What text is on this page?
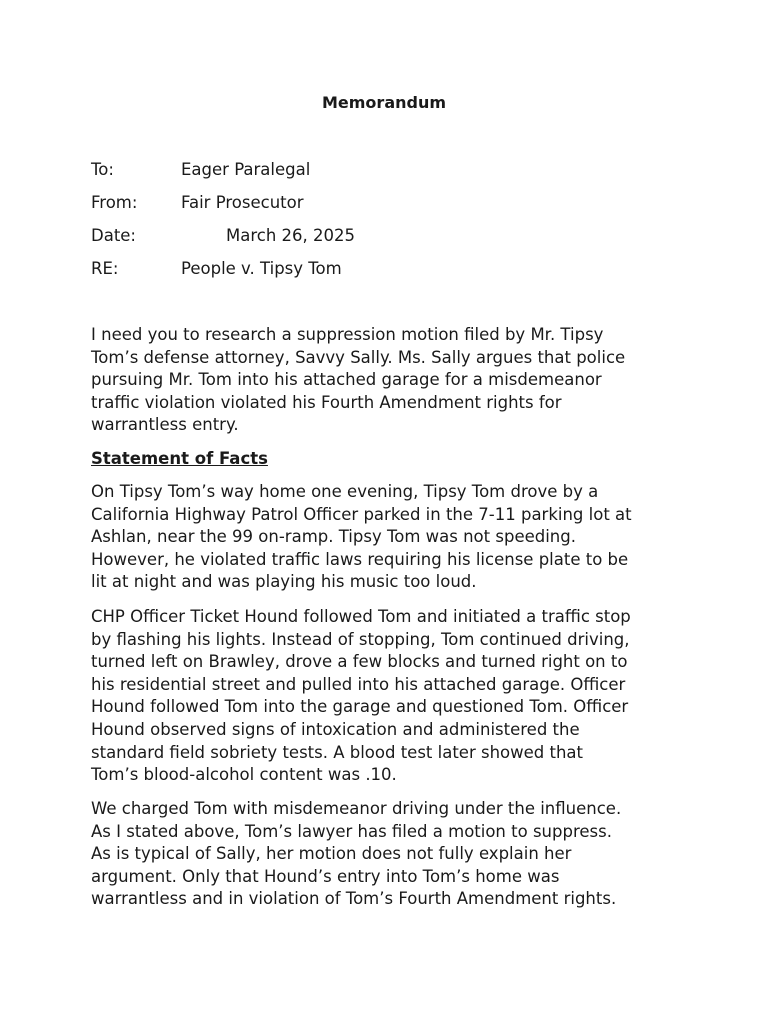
Memorandum
To:	Eager Paralegal
From:	Fair Prosecutor
Date:	March 26, 2025
RE:	People v. Tipsy Tom
I need you to research a suppression motion filed by Mr. Tipsy
Tom’s defense attorney, Savvy Sally. Ms. Sally argues that police
pursuing Mr. Tom into his attached garage for a misdemeanor
traffic violation violated his Fourth Amendment rights for
warrantless entry.
Statement of Facts
On Tipsy Tom’s way home one evening, Tipsy Tom drove by a
California Highway Patrol Officer parked in the 7-11 parking lot at
Ashlan, near the 99 on-ramp. Tipsy Tom was not speeding.
However, he violated traffic laws requiring his license plate to be
lit at night and was playing his music too loud.
CHP Officer Ticket Hound followed Tom and initiated a traffic stop
by flashing his lights. Instead of stopping, Tom continued driving,
turned left on Brawley, drove a few blocks and turned right on to
his residential street and pulled into his attached garage. Officer
Hound followed Tom into the garage and questioned Tom. Officer
Hound observed signs of intoxication and administered the
standard field sobriety tests. A blood test later showed that
Tom’s blood-alcohol content was .10.
We charged Tom with misdemeanor driving under the influence.
As I stated above, Tom’s lawyer has filed a motion to suppress.
As is typical of Sally, her motion does not fully explain her
argument. Only that Hound’s entry into Tom’s home was
warrantless and in violation of Tom’s Fourth Amendment rights.
